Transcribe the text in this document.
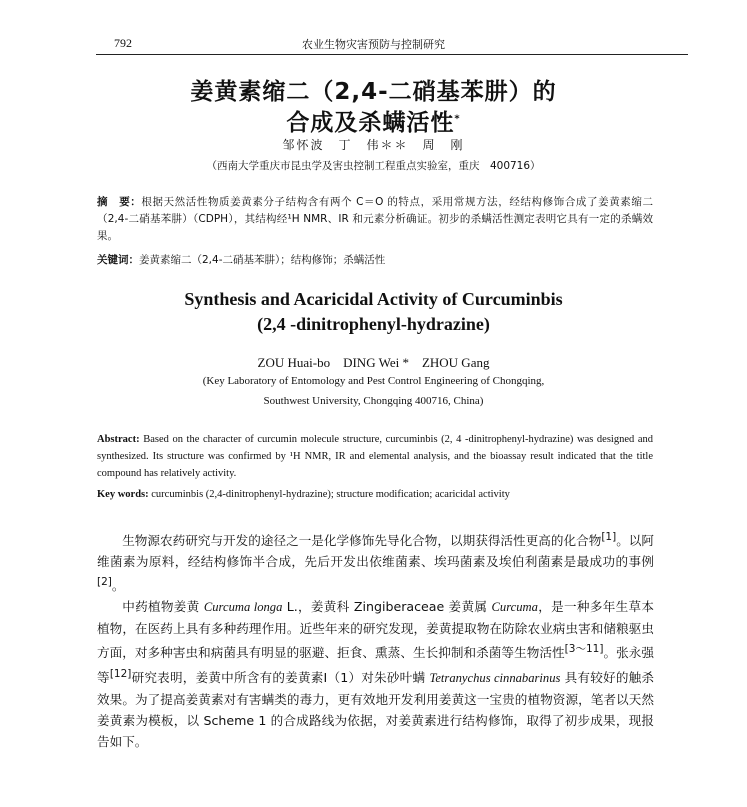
792	农业生物灾害预防与控制研究
姜黄素缩二（2,4-二硝基苯肼）的
合成及杀螨活性*
邹怀波　丁　伟＊＊　周　刚
（西南大学重庆市昆虫学及害虫控制工程重点实验室，重庆　400716）
摘　要：根据天然活性物质姜黄素分子结构含有两个 C＝O 的特点，采用常规方法，经结构修饰合成了姜黄素缩二（2,4-二硝基苯肼）（CDPH），其结构经¹H NMR、IR 和元素分析确证。初步的杀螨活性测定表明它具有一定的杀螨效果。
关键词：姜黄素缩二（2,4-二硝基苯肼）；结构修饰；杀螨活性
Synthesis and Acaricidal Activity of Curcuminbis
(2,4 -dinitrophenyl-hydrazine)
ZOU Huai-bo　DING Wei *　ZHOU Gang
(Key Laboratory of Entomology and Pest Control Engineering of Chongqing,
Southwest University, Chongqing 400716, China)
Abstract: Based on the character of curcumin molecule structure, curcuminbis (2, 4 -dinitrophenyl-hydrazine) was designed and synthesized. Its structure was confirmed by ¹H NMR, IR and elemental analysis, and the bioassay result indicated that the title compound has relatively activity.
Key words: curcuminbis (2,4-dinitrophenyl-hydrazine); structure modification; acaricidal activity

生物源农药研究与开发的途径之一是化学修饰先导化合物，以期获得活性更高的化合物[1]。以阿维菌素为原料，经结构修饰半合成，先后开发出依维菌素、埃玛菌素及埃伯利菌素是最成功的事例[2]。

中药植物姜黄 Curcuma longa L.，姜黄科 Zingiberaceae 姜黄属 Curcuma，是一种多年生草本植物，在医药上具有多种药理作用。近些年来的研究发现，姜黄提取物在防除农业病虫害和储粮驱虫方面，对多种害虫和病菌具有明显的驱避、拒食、熏蒸、生长抑制和杀菌等生物活性[3～11]。张永强等[12]研究表明，姜黄中所含有的姜黄素Ⅰ（1）对朱砂叶螨 Tetranychus cinnabarinus 具有较好的触杀效果。为了提高姜黄素对有害螨类的毒力，更有效地开发利用姜黄这一宝贵的植物资源，笔者以天然姜黄素为模板，以 Scheme 1 的合成路线为依据，对姜黄素进行结构修饰，取得了初步成果，现报告如下。
